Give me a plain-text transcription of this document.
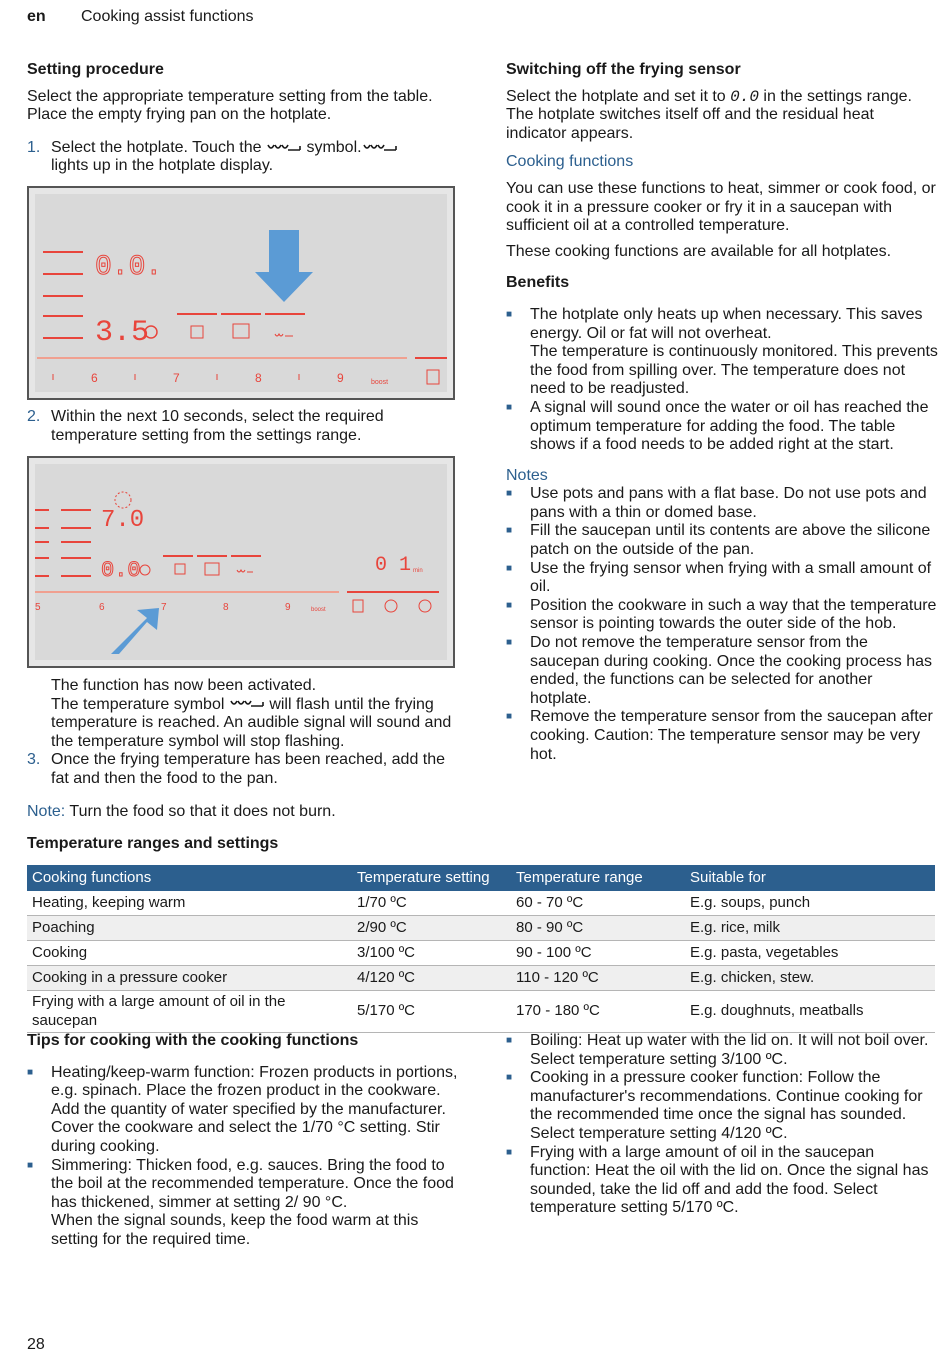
en Cooking assist functions
Setting procedure

Select the appropriate temperature setting from the table. Place the empty frying pan on the hotplate.

1. Select the hotplate. Touch the	symbol.
lights up in the hotplate display.
0.0.
3.5
6	7	8	9	boost
2. Within the next 10 seconds, select the required temperature setting from the settings range.
7.0
0.0	0 1 min
5	6	7	8	9	boost

The function has now been activated.

The temperature symbol	will flash until the frying temperature is reached. An audible signal will sound and the temperature symbol will stop flashing.

3. Once the frying temperature has been reached, add the fat and then the food to the pan.

Note: Turn the food so that it does not burn.

Temperature ranges and settings
Switching off the frying sensor

Select the hotplate and set it to 0.0 in the settings range. The hotplate switches itself off and the residual heat indicator appears.

Cooking functions

You can use these functions to heat, simmer or cook food, or cook it in a pressure cooker or fry it in a saucepan with sufficient oil at a controlled temperature.

These cooking functions are available for all hotplates.

Benefits
■ The hotplate only heats up when necessary. This saves energy. Oil or fat will not overheat.
The temperature is continuously monitored. This prevents the food from spilling over. The temperature does not need to be readjusted.
■ A signal will sound once the water or oil has reached the optimum temperature for adding the food. The table shows if a food needs to be added right at the start.
Notes
■ Use pots and pans with a flat base. Do not use pots and pans with a thin or domed base.
■ Fill the saucepan until its contents are above the silicone patch on the outside of the pan.
■ Use the frying sensor when frying with a small amount of oil.
■ Position the cookware in such a way that the temperature sensor is pointing towards the outer side of the hob.
■ Do not remove the temperature sensor from the saucepan during cooking. Once the cooking process has ended, the functions can be selected for another hotplate.
■ Remove the temperature sensor from the saucepan after cooking. Caution: The temperature sensor may be very hot.
Cooking functions	Temperature setting	Temperature range	Suitable for
Heating, keeping warm	1/70 ºC	60 - 70 ºC	E.g. soups, punch
Poaching	2/90 ºC	80 - 90 ºC	E.g. rice, milk
Cooking	3/100 ºC	90 - 100 ºC	E.g. pasta, vegetables
Cooking in a pressure cooker	4/120 ºC	110 - 120 ºC	E.g. chicken, stew.
Frying with a large amount of oil in the saucepan	5/170 ºC	170 - 180 ºC	E.g. doughnuts, meatballs
Tips for cooking with the cooking functions
■ Heating/keep-warm function: Frozen products in portions, e.g. spinach. Place the frozen product in the cookware. Add the quantity of water specified by the manufacturer. Cover the cookware and select the 1/70 °C setting. Stir during cooking.
■ Simmering: Thicken food, e.g. sauces. Bring the food to the boil at the recommended temperature. Once the food has thickened, simmer at setting 2/ 90 °C.
When the signal sounds, keep the food warm at this setting for the required time.
■ Boiling: Heat up water with the lid on. It will not boil over. Select temperature setting 3/100 ºC.
■ Cooking in a pressure cooker function: Follow the manufacturer's recommendations. Continue cooking for the recommended time once the signal has sounded. Select temperature setting 4/120 ºC.
■ Frying with a large amount of oil in the saucepan function: Heat the oil with the lid on. Once the signal has sounded, take the lid off and add the food. Select temperature setting 5/170 ºC.
28
